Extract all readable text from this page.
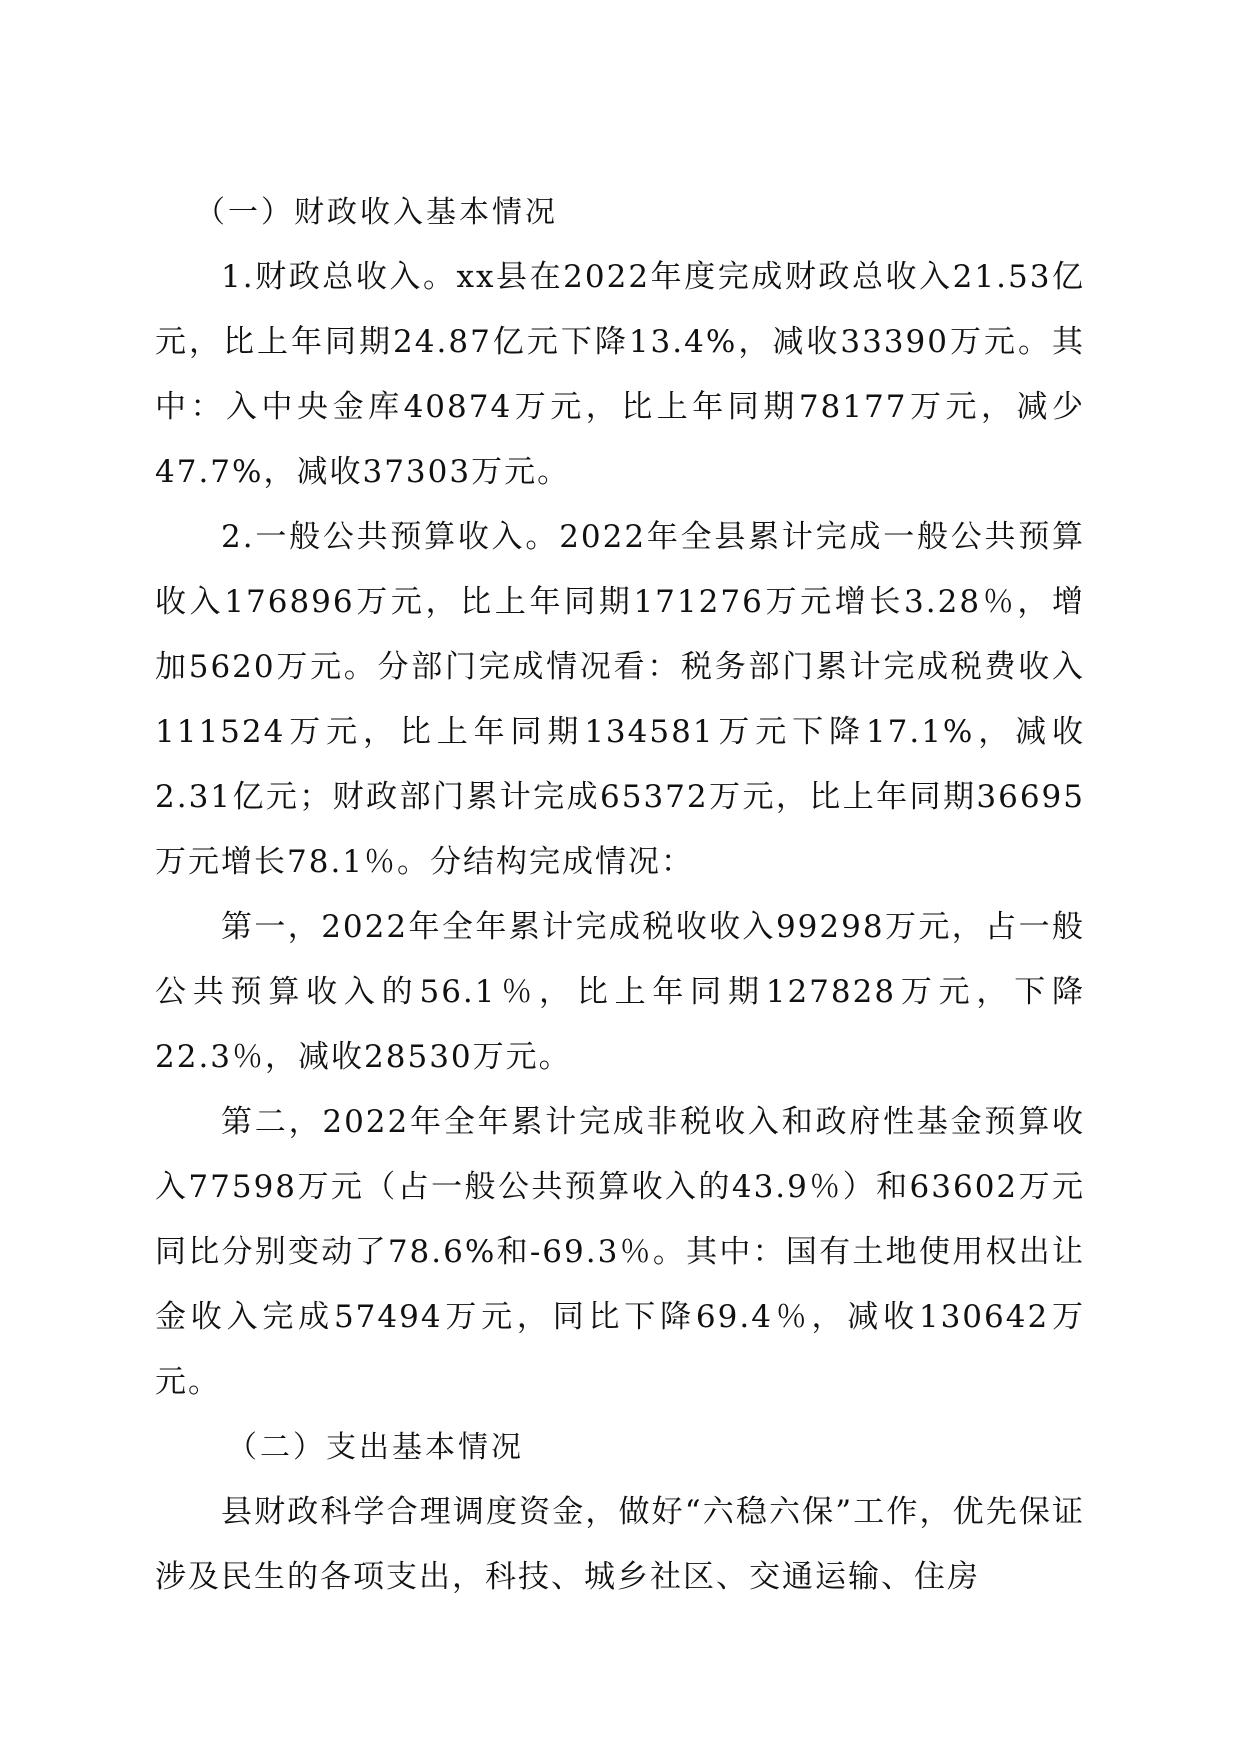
（一）财政收入基本情况

1.财政总收入。xx县在2022年度完成财政总收入21.53亿元，比上年同期24.87亿元下降13.4%，减收33390万元。其中：入中央金库40874万元，比上年同期78177万元，减少47.7%，减收37303万元。

2.一般公共预算收入。2022年全县累计完成一般公共预算收入176896万元，比上年同期171276万元增长3.28％，增加5620万元。分部门完成情况看：税务部门累计完成税费收入111524万元，比上年同期134581万元下降17.1%，减收2.31亿元；财政部门累计完成65372万元，比上年同期36695万元增长78.1％。分结构完成情况：

第一，2022年全年累计完成税收收入99298万元，占一般公共预算收入的56.1％，比上年同期127828万元，下降22.3％，减收28530万元。

第二，2022年全年累计完成非税收入和政府性基金预算收入77598万元（占一般公共预算收入的43.9％）和63602万元同比分别变动了78.6%和-69.3％。其中：国有土地使用权出让金收入完成57494万元，同比下降69.4％，减收130642万元。

（二）支出基本情况

县财政科学合理调度资金，做好“六稳六保”工作，优先保证涉及民生的各项支出，科技、城乡社区、交通运输、住房
